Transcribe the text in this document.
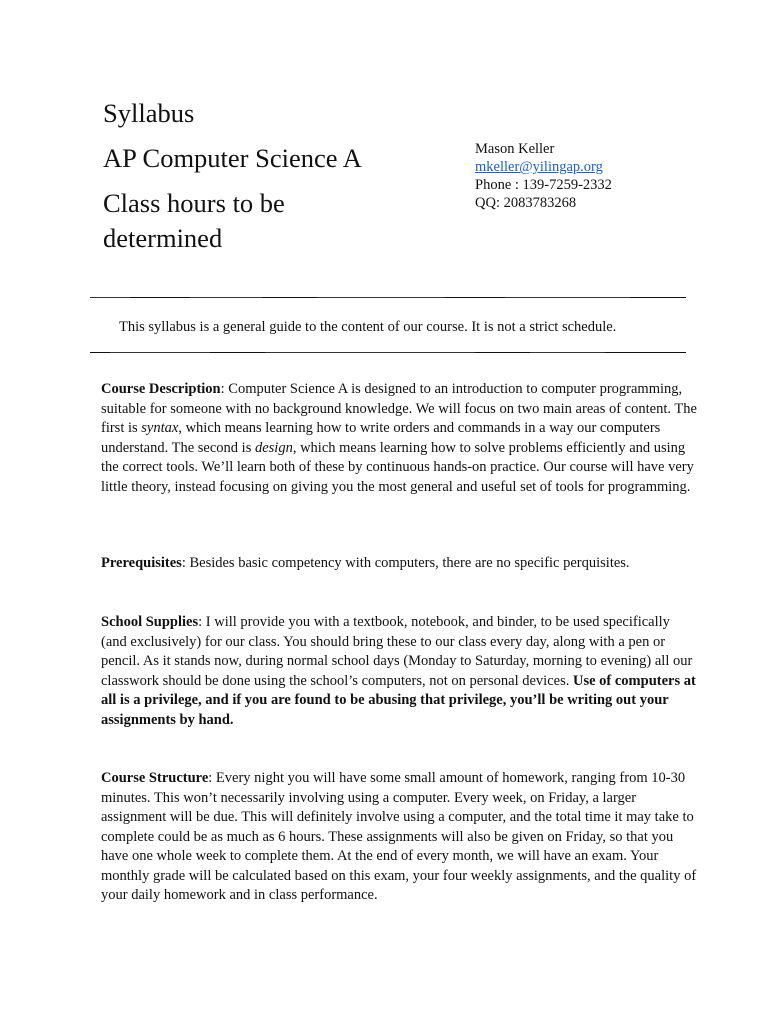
Syllabus
AP Computer Science A
Class hours to be
determined
Mason Keller
mkeller@yilingap.org
Phone : 139-7259-2332
QQ: 2083783268
This syllabus is a general guide to the content of our course. It is not a strict schedule.
Course Description: Computer Science A is designed to an introduction to computer programming, suitable for someone with no background knowledge. We will focus on two main areas of content. The first is syntax, which means learning how to write orders and commands in a way our computers understand. The second is design, which means learning how to solve problems efficiently and using the correct tools. We’ll learn both of these by continuous hands-on practice. Our course will have very little theory, instead focusing on giving you the most general and useful set of tools for programming.
Prerequisites: Besides basic competency with computers, there are no specific perquisites.
School Supplies: I will provide you with a textbook, notebook, and binder, to be used specifically (and exclusively) for our class. You should bring these to our class every day, along with a pen or pencil. As it stands now, during normal school days (Monday to Saturday, morning to evening) all our classwork should be done using the school’s computers, not on personal devices. Use of computers at all is a privilege, and if you are found to be abusing that privilege, you’ll be writing out your assignments by hand.
Course Structure: Every night you will have some small amount of homework, ranging from 10-30 minutes. This won’t necessarily involving using a computer. Every week, on Friday, a larger assignment will be due. This will definitely involve using a computer, and the total time it may take to complete could be as much as 6 hours. These assignments will also be given on Friday, so that you have one whole week to complete them. At the end of every month, we will have an exam. Your monthly grade will be calculated based on this exam, your four weekly assignments, and the quality of your daily homework and in class performance.
